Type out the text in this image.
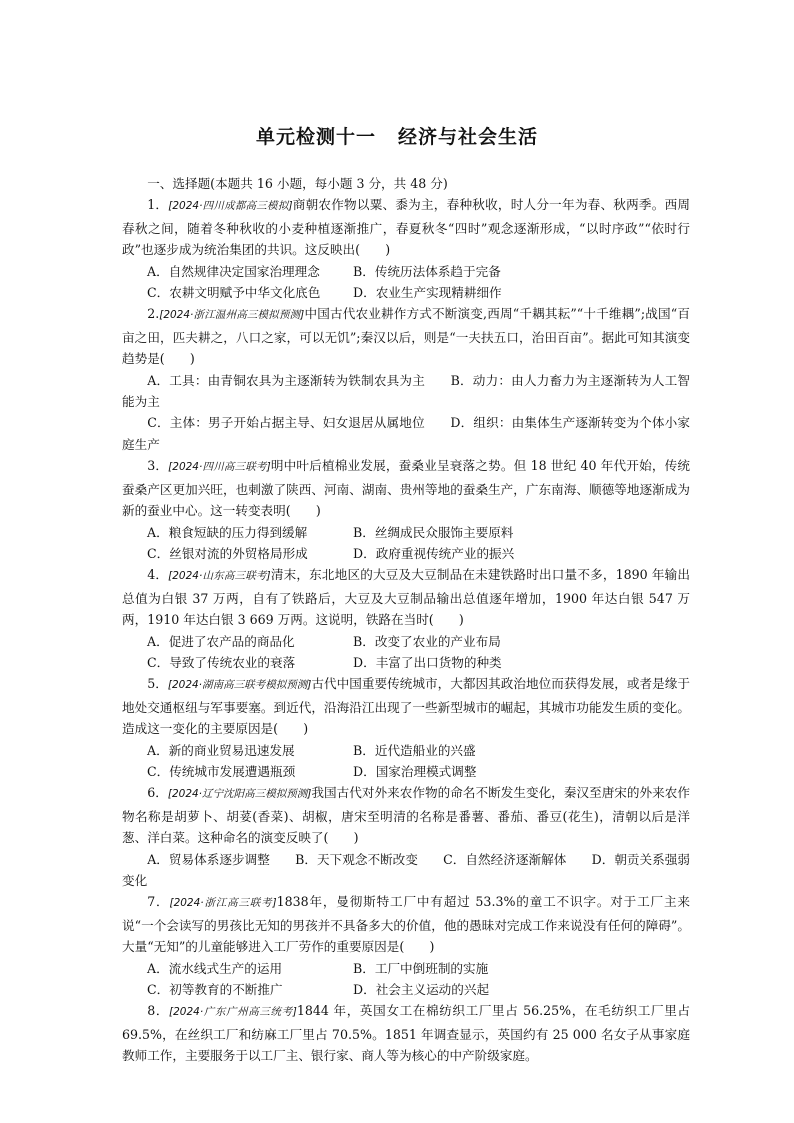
单元检测十一 经济与社会生活

一、选择题(本题共 16 小题，每小题 3 分，共 48 分)

1．[2024·四川成都高三模拟]商朝农作物以粟、黍为主，春种秋收，时人分一年为春、秋两季。西周春秋之间，随着冬种秋收的小麦种植逐渐推广，春夏秋冬“四时”观念逐渐形成，“以时序政”“依时行政”也逐步成为统治集团的共识。这反映出(　　)

A．自然规律决定国家治理理念	B．传统历法体系趋于完备
C．农耕文明赋予中华文化底色	D．农业生产实现精耕细作

2.[2024·浙江温州高三模拟预测]中国古代农业耕作方式不断演变,西周“千耦其耘”“十千维耦”;战国“百亩之田，匹夫耕之，八口之家，可以无饥”;秦汉以后，则是“一夫扶五口，治田百亩”。据此可知其演变趋势是(　　)

A．工具：由青铜农具为主逐渐转为铁制农具为主　　B．动力：由人力畜力为主逐渐转为人工智能为主

C．主体：男子开始占据主导、妇女退居从属地位　　D．组织：由集体生产逐渐转变为个体小家庭生产

3．[2024·四川高三联考]明中叶后植棉业发展，蚕桑业呈衰落之势。但 18 世纪 40 年代开始，传统蚕桑产区更加兴旺，也刺激了陕西、河南、湖南、贵州等地的蚕桑生产，广东南海、顺德等地逐渐成为新的蚕业中心。这一转变表明(　　)

A．粮食短缺的压力得到缓解	B．丝绸成民众服饰主要原料
C．丝银对流的外贸格局形成	D．政府重视传统产业的振兴

4．[2024·山东高三联考]清末，东北地区的大豆及大豆制品在未建铁路时出口量不多，1890 年输出总值为白银 37 万两，自有了铁路后，大豆及大豆制品输出总值逐年增加，1900 年达白银 547 万两，1910 年达白银 3 669 万两。这说明，铁路在当时(　　)

A．促进了农产品的商品化	B．改变了农业的产业布局
C．导致了传统农业的衰落	D．丰富了出口货物的种类

5．[2024·湖南高三联考模拟预测]古代中国重要传统城市，大都因其政治地位而获得发展，或者是缘于地处交通枢纽与军事要塞。到近代，沿海沿江出现了一些新型城市的崛起，其城市功能发生质的变化。造成这一变化的主要原因是(　　)

A．新的商业贸易迅速发展	B．近代造船业的兴盛
C．传统城市发展遭遇瓶颈	D．国家治理模式调整

6．[2024·辽宁沈阳高三模拟预测]我国古代对外来农作物的命名不断发生变化，秦汉至唐宋的外来农作物名称是胡萝卜、胡荽(香菜)、胡椒，唐宋至明清的名称是番薯、番茄、番豆(花生)，清朝以后是洋葱、洋白菜。这种命名的演变反映了(　　)

A．贸易体系逐步调整　　B．天下观念不断改变　　C．自然经济逐渐解体　　D．朝贡关系强弱变化

7．[2024·浙江高三联考]1838年，曼彻斯特工厂中有超过 53.3%的童工不识字。对于工厂主来说“一个会读写的男孩比无知的男孩并不具备多大的价值，他的愚昧对完成工作来说没有任何的障碍”。大量“无知”的儿童能够进入工厂劳作的重要原因是(　　)

A．流水线式生产的运用	B．工厂中倒班制的实施
C．初等教育的不断推广	D．社会主义运动的兴起

8．[2024·广东广州高三统考]1844 年，英国女工在棉纺织工厂里占 56.25%，在毛纺织工厂里占 69.5%，在丝织工厂和纺麻工厂里占 70.5%。1851 年调查显示，英国约有 25 000 名女子从事家庭教师工作，主要服务于以工厂主、银行家、商人等为核心的中产阶级家庭。
